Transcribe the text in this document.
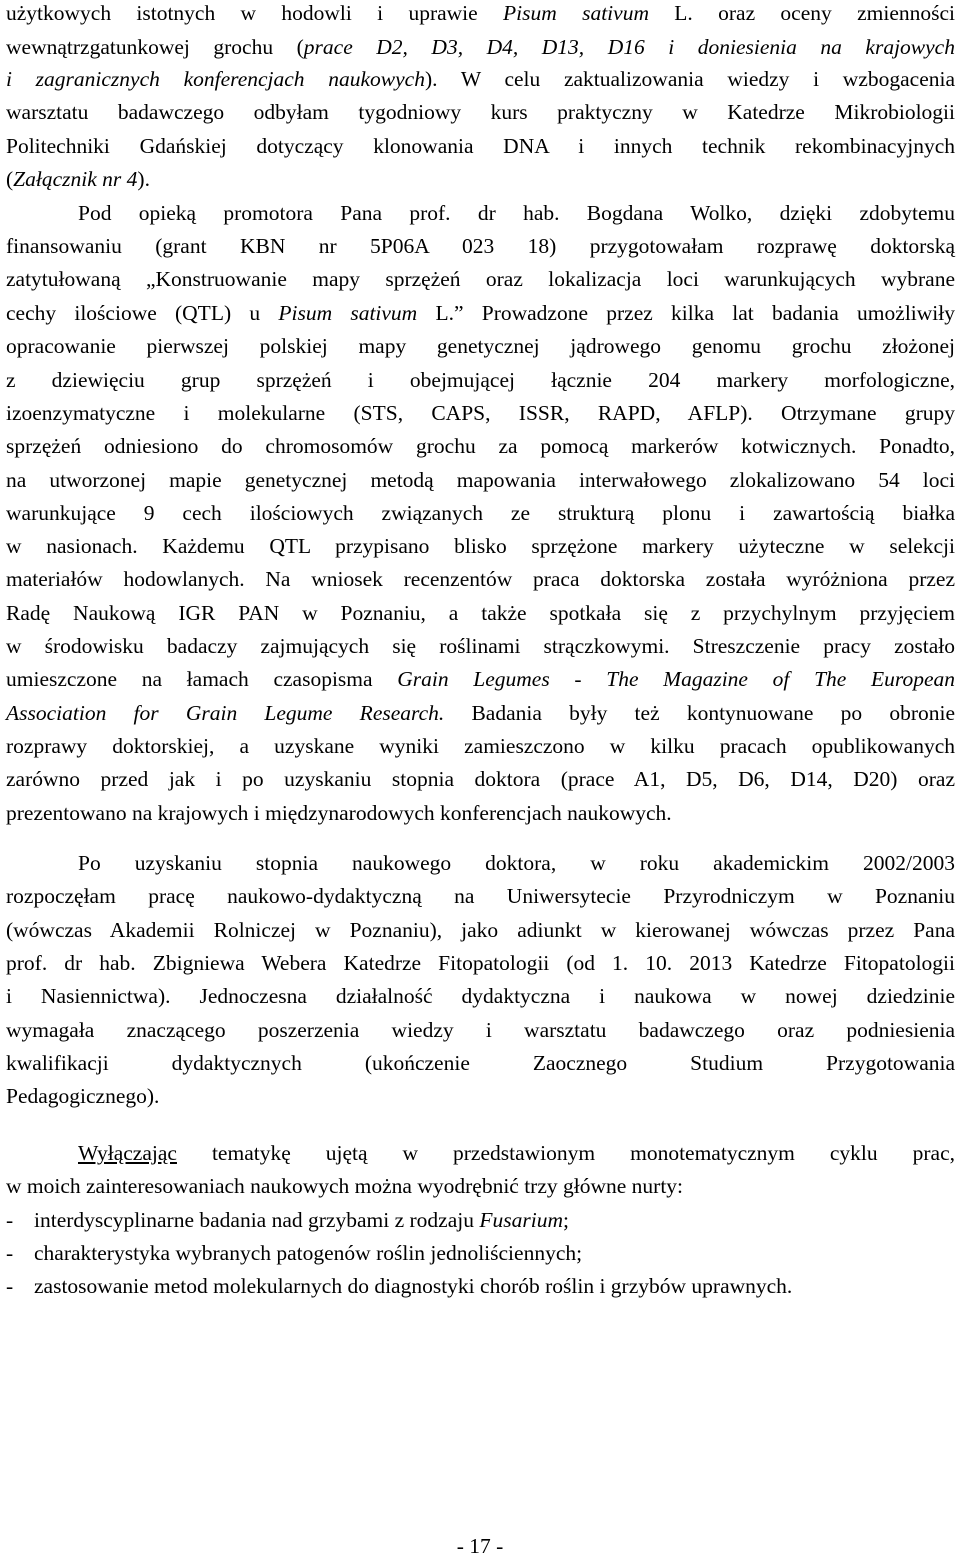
użytkowych istotnych w hodowli i uprawie Pisum sativum L. oraz oceny zmienności
wewnątrzgatunkowej grochu (prace D2, D3, D4, D13, D16 i doniesienia na krajowych
i zagranicznych konferencjach naukowych). W celu zaktualizowania wiedzy i wzbogacenia
warsztatu badawczego odbyłam tygodniowy kurs praktyczny w Katedrze Mikrobiologii
Politechniki Gdańskiej dotyczący klonowania DNA i innych technik rekombinacyjnych
(Załącznik nr 4).
Pod opieką promotora Pana prof. dr hab. Bogdana Wolko, dzięki zdobytemu
finansowaniu (grant KBN nr 5P06A 023 18) przygotowałam rozprawę doktorską
zatytułowaną „Konstruowanie mapy sprzężeń oraz lokalizacja loci warunkujących wybrane
cechy ilościowe (QTL) u Pisum sativum L.” Prowadzone przez kilka lat badania umożliwiły
opracowanie pierwszej polskiej mapy genetycznej jądrowego genomu grochu złożonej
z dziewięciu grup sprzężeń i obejmującej łącznie 204 markery morfologiczne,
izoenzymatyczne i molekularne (STS, CAPS, ISSR, RAPD, AFLP). Otrzymane grupy
sprzężeń odniesiono do chromosomów grochu za pomocą markerów kotwicznych. Ponadto,
na utworzonej mapie genetycznej metodą mapowania interwałowego zlokalizowano 54 loci
warunkujące 9 cech ilościowych związanych ze strukturą plonu i zawartością białka
w nasionach. Każdemu QTL przypisano blisko sprzężone markery użyteczne w selekcji
materiałów hodowlanych. Na wniosek recenzentów praca doktorska została wyróżniona przez
Radę Naukową IGR PAN w Poznaniu, a także spotkała się z przychylnym przyjęciem
w środowisku badaczy zajmujących się roślinami strączkowymi. Streszczenie pracy zostało
umieszczone na łamach czasopisma Grain Legumes - The Magazine of The European
Association for Grain Legume Research. Badania były też kontynuowane po obronie
rozprawy doktorskiej, a uzyskane wyniki zamieszczono w kilku pracach opublikowanych
zarówno przed jak i po uzyskaniu stopnia doktora (prace A1, D5, D6, D14, D20) oraz
prezentowano na krajowych i międzynarodowych konferencjach naukowych.
Po uzyskaniu stopnia naukowego doktora, w roku akademickim 2002/2003
rozpoczęłam pracę naukowo-dydaktyczną na Uniwersytecie Przyrodniczym w Poznaniu
(wówczas Akademii Rolniczej w Poznaniu), jako adiunkt w kierowanej wówczas przez Pana
prof. dr hab. Zbigniewa Webera Katedrze Fitopatologii (od 1. 10. 2013 Katedrze Fitopatologii
i Nasiennictwa). Jednoczesna działalność dydaktyczna i naukowa w nowej dziedzinie
wymagała znaczącego poszerzenia wiedzy i warsztatu badawczego oraz podniesienia
kwalifikacji dydaktycznych (ukończenie Zaocznego Studium Przygotowania
Pedagogicznego).
Wyłączając tematykę ujętą w przedstawionym monotematycznym cyklu prac,
w moich zainteresowaniach naukowych można wyodrębnić trzy główne nurty:
- interdyscyplinarne badania nad grzybami z rodzaju Fusarium;
- charakterystyka wybranych patogenów roślin jednoliściennych;
- zastosowanie metod molekularnych do diagnostyki chorób roślin i grzybów uprawnych.
- 17 -
